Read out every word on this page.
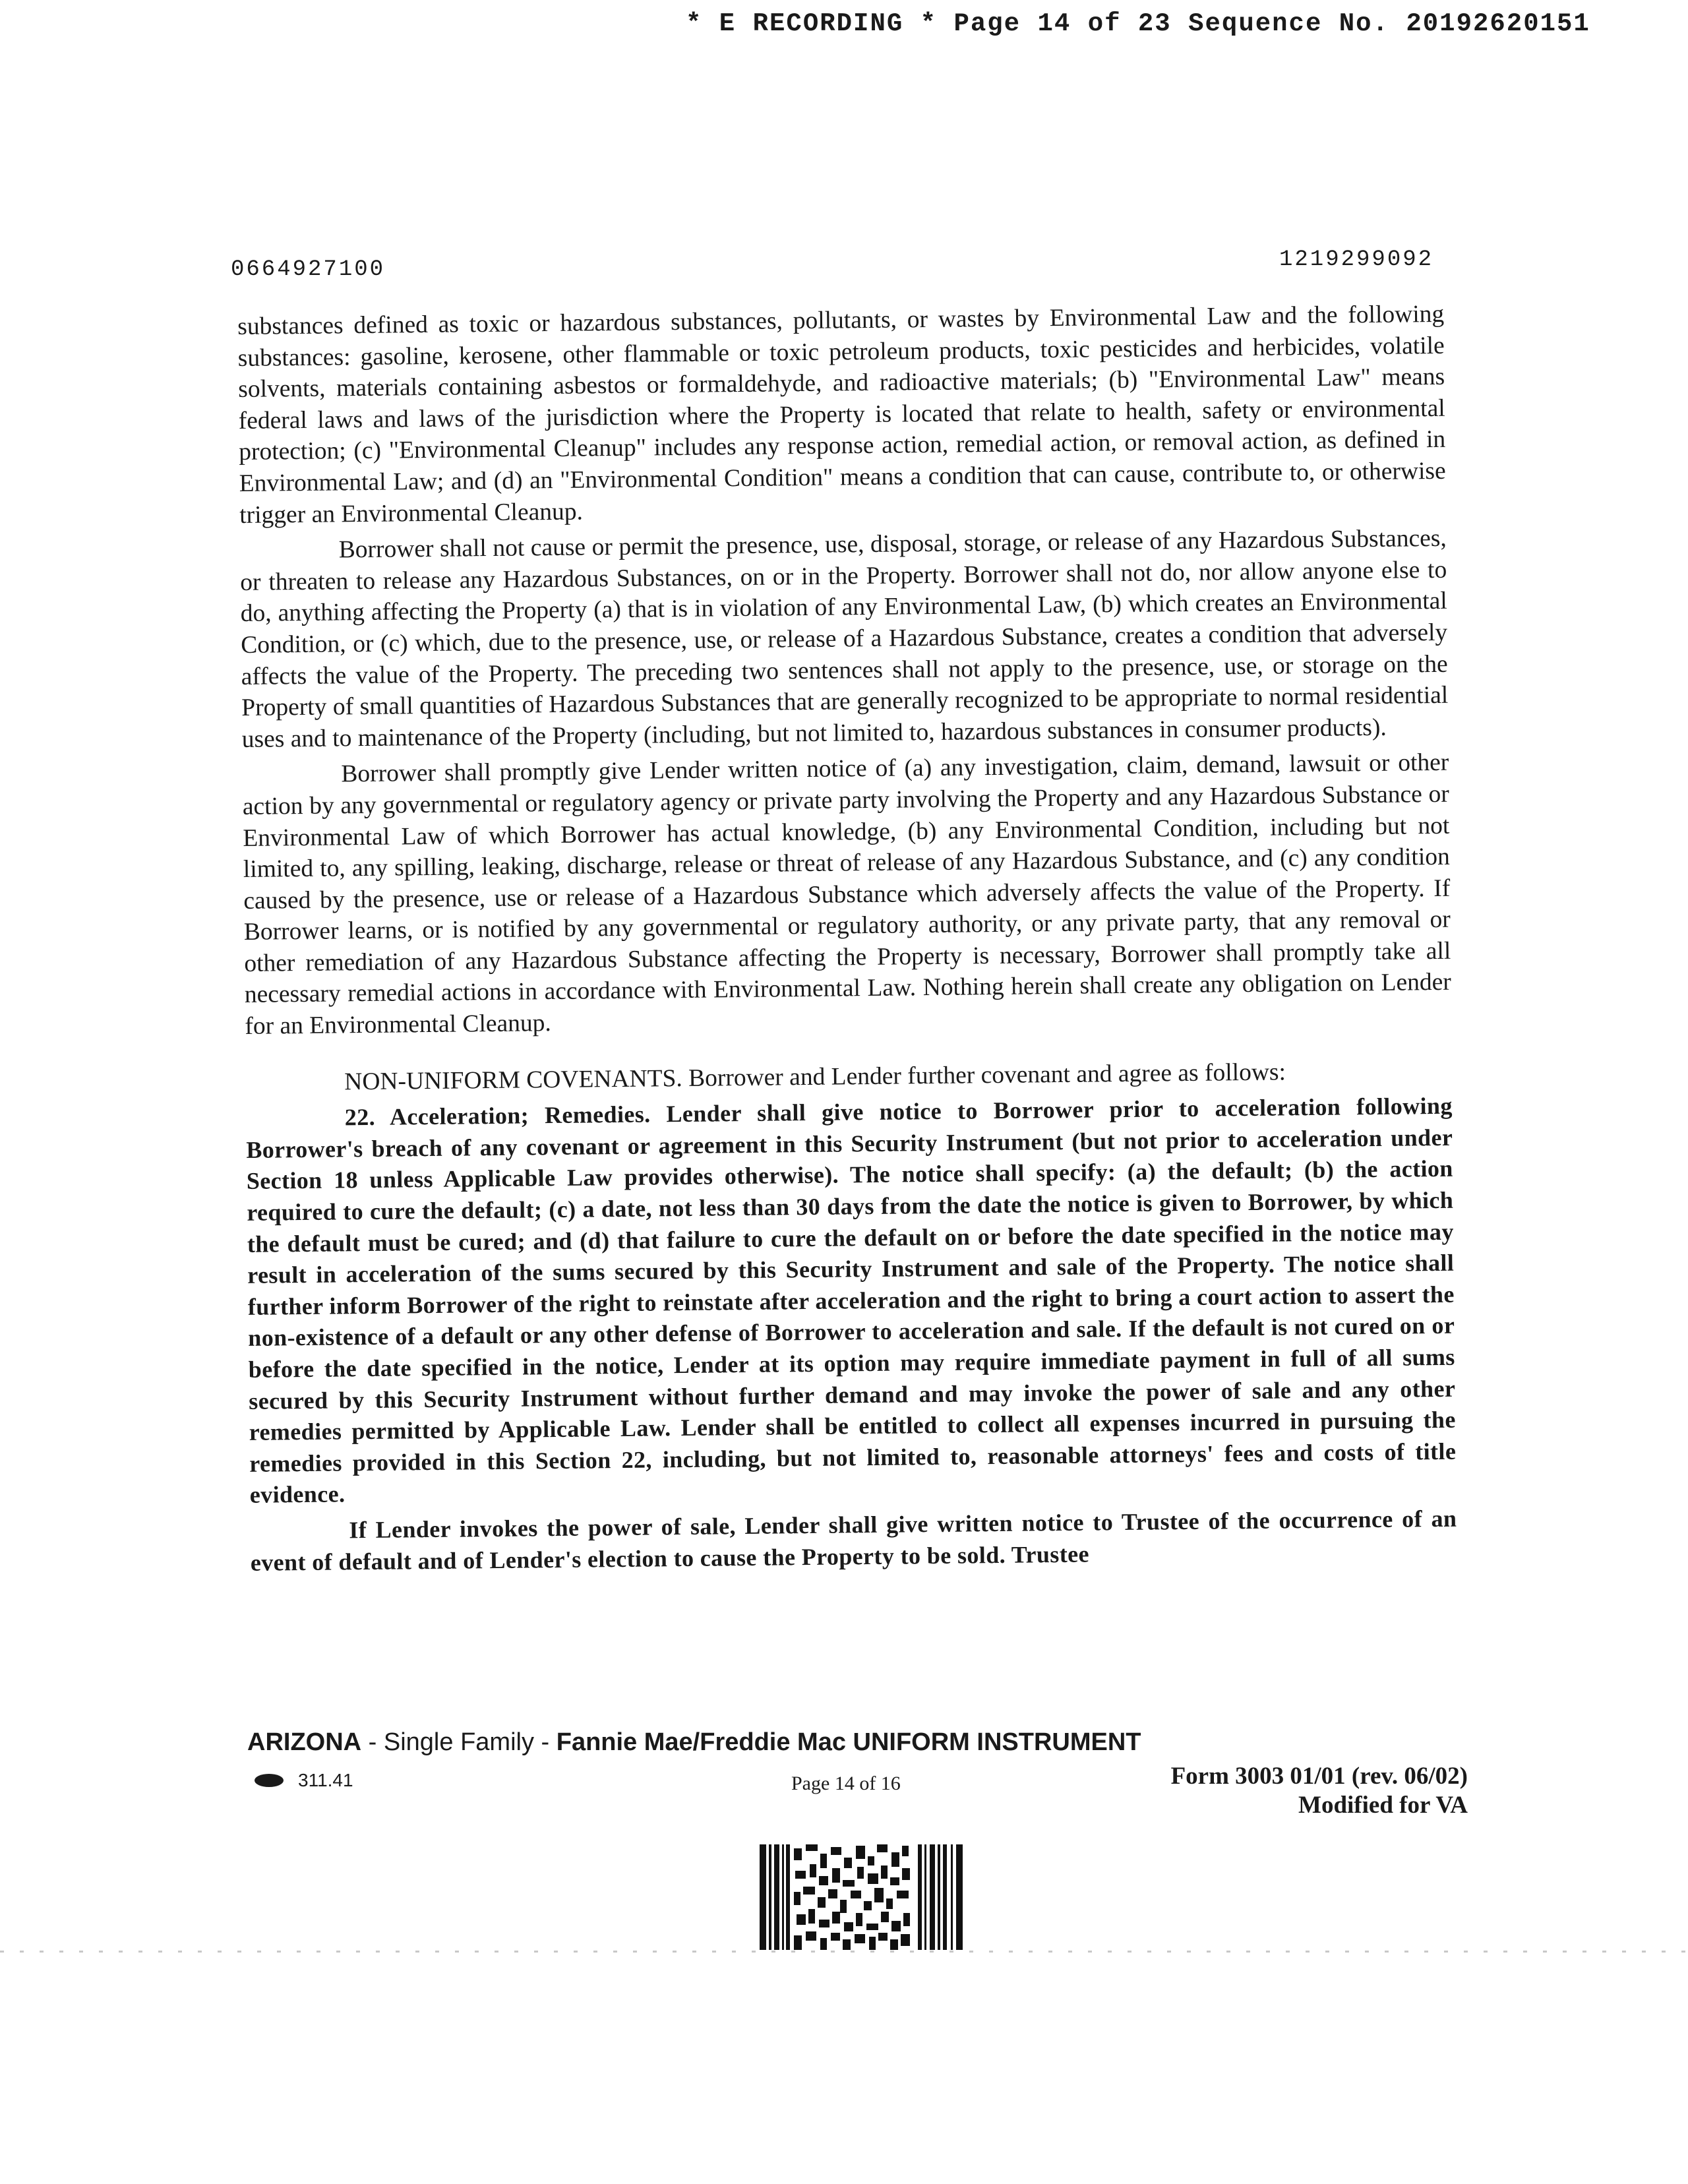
* E RECORDING * Page 14 of 23 Sequence No. 20192620151
0664927100	1219299092

substances defined as toxic or hazardous substances, pollutants, or wastes by Environmental Law and the following substances: gasoline, kerosene, other flammable or toxic petroleum products, toxic pesticides and herbicides, volatile solvents, materials containing asbestos or formaldehyde, and radioactive materials; (b) "Environmental Law" means federal laws and laws of the jurisdiction where the Property is located that relate to health, safety or environmental protection; (c) "Environmental Cleanup" includes any response action, remedial action, or removal action, as defined in Environmental Law; and (d) an "Environmental Condition" means a condition that can cause, contribute to, or otherwise trigger an Environmental Cleanup.

Borrower shall not cause or permit the presence, use, disposal, storage, or release of any Hazardous Substances, or threaten to release any Hazardous Substances, on or in the Property. Borrower shall not do, nor allow anyone else to do, anything affecting the Property (a) that is in violation of any Environmental Law, (b) which creates an Environmental Condition, or (c) which, due to the presence, use, or release of a Hazardous Substance, creates a condition that adversely affects the value of the Property. The preceding two sentences shall not apply to the presence, use, or storage on the Property of small quantities of Hazardous Substances that are generally recognized to be appropriate to normal residential uses and to maintenance of the Property (including, but not limited to, hazardous substances in consumer products).

Borrower shall promptly give Lender written notice of (a) any investigation, claim, demand, lawsuit or other action by any governmental or regulatory agency or private party involving the Property and any Hazardous Substance or Environmental Law of which Borrower has actual knowledge, (b) any Environmental Condition, including but not limited to, any spilling, leaking, discharge, release or threat of release of any Hazardous Substance, and (c) any condition caused by the presence, use or release of a Hazardous Substance which adversely affects the value of the Property. If Borrower learns, or is notified by any governmental or regulatory authority, or any private party, that any removal or other remediation of any Hazardous Substance affecting the Property is necessary, Borrower shall promptly take all necessary remedial actions in accordance with Environmental Law. Nothing herein shall create any obligation on Lender for an Environmental Cleanup.

NON-UNIFORM COVENANTS. Borrower and Lender further covenant and agree as follows:

22. Acceleration; Remedies. Lender shall give notice to Borrower prior to acceleration following Borrower's breach of any covenant or agreement in this Security Instrument (but not prior to acceleration under Section 18 unless Applicable Law provides otherwise). The notice shall specify: (a) the default; (b) the action required to cure the default; (c) a date, not less than 30 days from the date the notice is given to Borrower, by which the default must be cured; and (d) that failure to cure the default on or before the date specified in the notice may result in acceleration of the sums secured by this Security Instrument and sale of the Property. The notice shall further inform Borrower of the right to reinstate after acceleration and the right to bring a court action to assert the non-existence of a default or any other defense of Borrower to acceleration and sale. If the default is not cured on or before the date specified in the notice, Lender at its option may require immediate payment in full of all sums secured by this Security Instrument without further demand and may invoke the power of sale and any other remedies permitted by Applicable Law. Lender shall be entitled to collect all expenses incurred in pursuing the remedies provided in this Section 22, including, but not limited to, reasonable attorneys' fees and costs of title evidence.

If Lender invokes the power of sale, Lender shall give written notice to Trustee of the occurrence of an event of default and of Lender's election to cause the Property to be sold. Trustee

ARIZONA - Single Family - Fannie Mae/Freddie Mac UNIFORM INSTRUMENT
311.41	Page 14 of 16	Form 3003 01/01 (rev. 06/02)
Modified for VA
